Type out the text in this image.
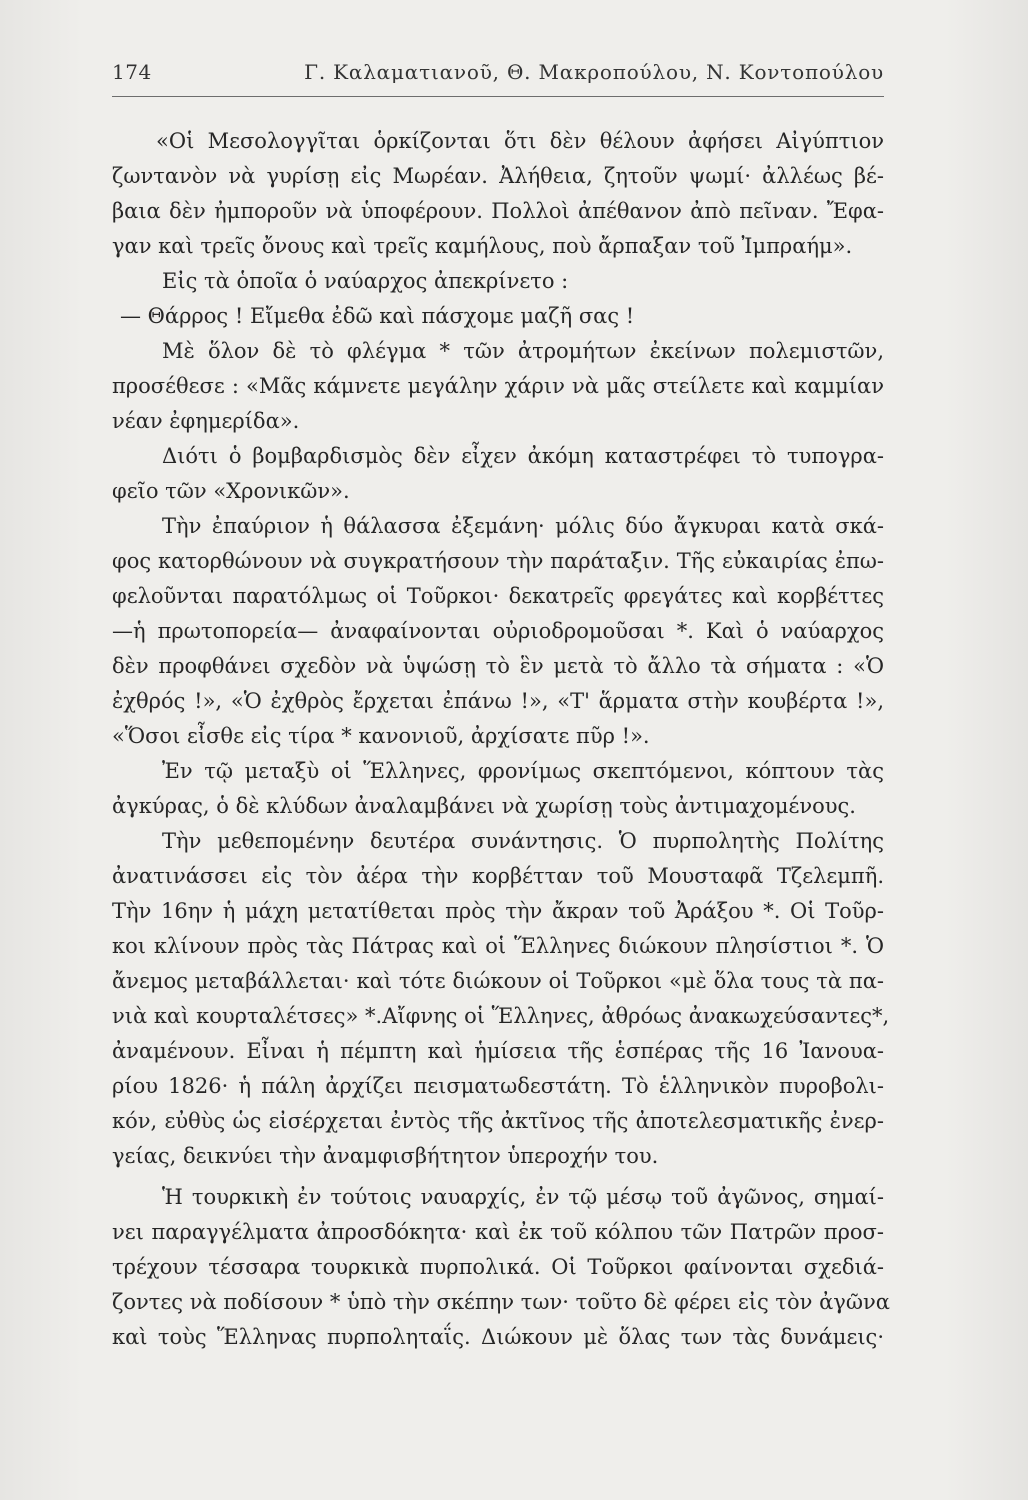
174	Γ. Καλαματιανοῦ, Θ. Μακροπούλου, Ν. Κοντοπούλου
«Οἱ Μεσολογγῖται ὁρκίζονται ὅτι δὲν θέλουν ἀφήσει Αἰγύπτιον
ζωντανὸν νὰ γυρίσῃ εἰς Μωρέαν. Ἀλήθεια, ζητοῦν ψωμί· ἀλλέως βέ-
βαια δὲν ἠμποροῦν νὰ ὑποφέρουν. Πολλοὶ ἀπέθανον ἀπὸ πεῖναν. Ἔφα-
γαν καὶ τρεῖς ὄνους καὶ τρεῖς καμήλους, ποὺ ἄρπαξαν τοῦ Ἰμπραήμ».
Εἰς τὰ ὁποῖα ὁ ναύαρχος ἀπεκρίνετο :
— Θάρρος ! Εἴμεθα ἐδῶ καὶ πάσχομε μαζῆ σας !
Μὲ ὅλον δὲ τὸ φλέγμα * τῶν ἀτρομήτων ἐκείνων πολεμιστῶν,
προσέθεσε : «Μᾶς κάμνετε μεγάλην χάριν νὰ μᾶς στείλετε καὶ καμμίαν
νέαν ἐφημερίδα».
Διότι ὁ βομβαρδισμὸς δὲν εἶχεν ἀκόμη καταστρέφει τὸ τυπογρα-
φεῖο τῶν «Χρονικῶν».
Τὴν ἐπαύριον ἡ θάλασσα ἐξεμάνη· μόλις δύο ἄγκυραι κατὰ σκά-
φος κατορθώνουν νὰ συγκρατήσουν τὴν παράταξιν. Τῆς εὐκαιρίας ἐπω-
φελοῦνται παρατόλμως οἱ Τοῦρκοι· δεκατρεῖς φρεγάτες καὶ κορβέττες
—ἡ πρωτοπορεία— ἀναφαίνονται οὐριοδρομοῦσαι *. Καὶ ὁ ναύαρχος
δὲν προφθάνει σχεδὸν νὰ ὑψώσῃ τὸ ἓν μετὰ τὸ ἄλλο τὰ σήματα : «Ὁ
ἐχθρός !», «Ὁ ἐχθρὸς ἔρχεται ἐπάνω !», «Τ' ἅρματα στὴν κουβέρτα !»,
«Ὅσοι εἶσθε εἰς τίρα * κανονιοῦ, ἀρχίσατε πῦρ !».
Ἐν τῷ μεταξὺ οἱ Ἕλληνες, φρονίμως σκεπτόμενοι, κόπτουν τὰς
ἀγκύρας, ὁ δὲ κλύδων ἀναλαμβάνει νὰ χωρίσῃ τοὺς ἀντιμαχομένους.
Τὴν μεθεπομένην δευτέρα συνάντησις. Ὁ πυρπολητὴς Πολίτης
ἀνατινάσσει εἰς τὸν ἀέρα τὴν κορβέτταν τοῦ Μουσταφᾶ Τζελεμπῆ.
Τὴν 16ην ἡ μάχη μετατίθεται πρὸς τὴν ἄκραν τοῦ Ἀράξου *. Οἱ Τοῦρ-
κοι κλίνουν πρὸς τὰς Πάτρας καὶ οἱ Ἕλληνες διώκουν πλησίστιοι *. Ὁ
ἄνεμος μεταβάλλεται· καὶ τότε διώκουν οἱ Τοῦρκοι «μὲ ὅλα τους τὰ πα-
νιὰ καὶ κουρταλέτσες» *.Αἴφνης οἱ Ἕλληνες, ἀθρόως ἀνακωχεύσαντες*,
ἀναμένουν. Εἶναι ἡ πέμπτη καὶ ἡμίσεια τῆς ἑσπέρας τῆς 16 Ἰανουα-
ρίου 1826· ἡ πάλη ἀρχίζει πεισματωδεστάτη. Τὸ ἑλληνικὸν πυροβολι-
κόν, εὐθὺς ὡς εἰσέρχεται ἐντὸς τῆς ἀκτῖνος τῆς ἀποτελεσματικῆς ἐνερ-
γείας, δεικνύει τὴν ἀναμφισβήτητον ὑπεροχήν του.
Ἡ τουρκικὴ ἐν τούτοις ναυαρχίς, ἐν τῷ μέσῳ τοῦ ἀγῶνος, σημαί-
νει παραγγέλματα ἀπροσδόκητα· καὶ ἐκ τοῦ κόλπου τῶν Πατρῶν προσ-
τρέχουν τέσσαρα τουρκικὰ πυρπολικά. Οἱ Τοῦρκοι φαίνονται σχεδιά-
ζοντες νὰ ποδίσουν * ὑπὸ τὴν σκέπην των· τοῦτο δὲ φέρει εἰς τὸν ἀγῶνα
καὶ τοὺς Ἕλληνας πυρποληταΐς. Διώκουν μὲ ὅλας των τὰς δυνάμεις·
